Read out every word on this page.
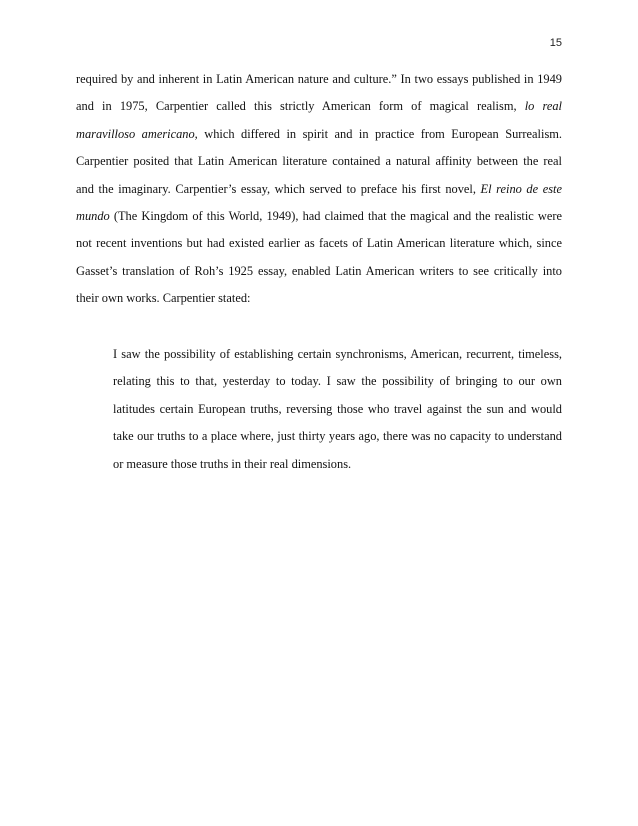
15
required by and inherent in Latin American nature and culture.” In two essays published in 1949
and in 1975, Carpentier called this strictly American form of magical realism, lo real
maravilloso americano, which differed in spirit and in practice from European Surrealism.
Carpentier posited that Latin American literature contained a natural affinity between the real
and the imaginary. Carpentier’s essay, which served to preface his first novel, El reino de este
mundo (The Kingdom of this World, 1949), had claimed that the magical and the realistic were
not recent inventions but had existed earlier as facets of Latin American literature which, since
Gasset’s translation of Roh’s 1925 essay, enabled Latin American writers to see critically into
their own works. Carpentier stated:
I saw the possibility of establishing certain synchronisms, American, recurrent, timeless,
relating this to that, yesterday to today. I saw the possibility of bringing to our own
latitudes certain European truths, reversing those who travel against the sun and would
take our truths to a place where, just thirty years ago, there was no capacity to understand
or measure those truths in their real dimensions.
